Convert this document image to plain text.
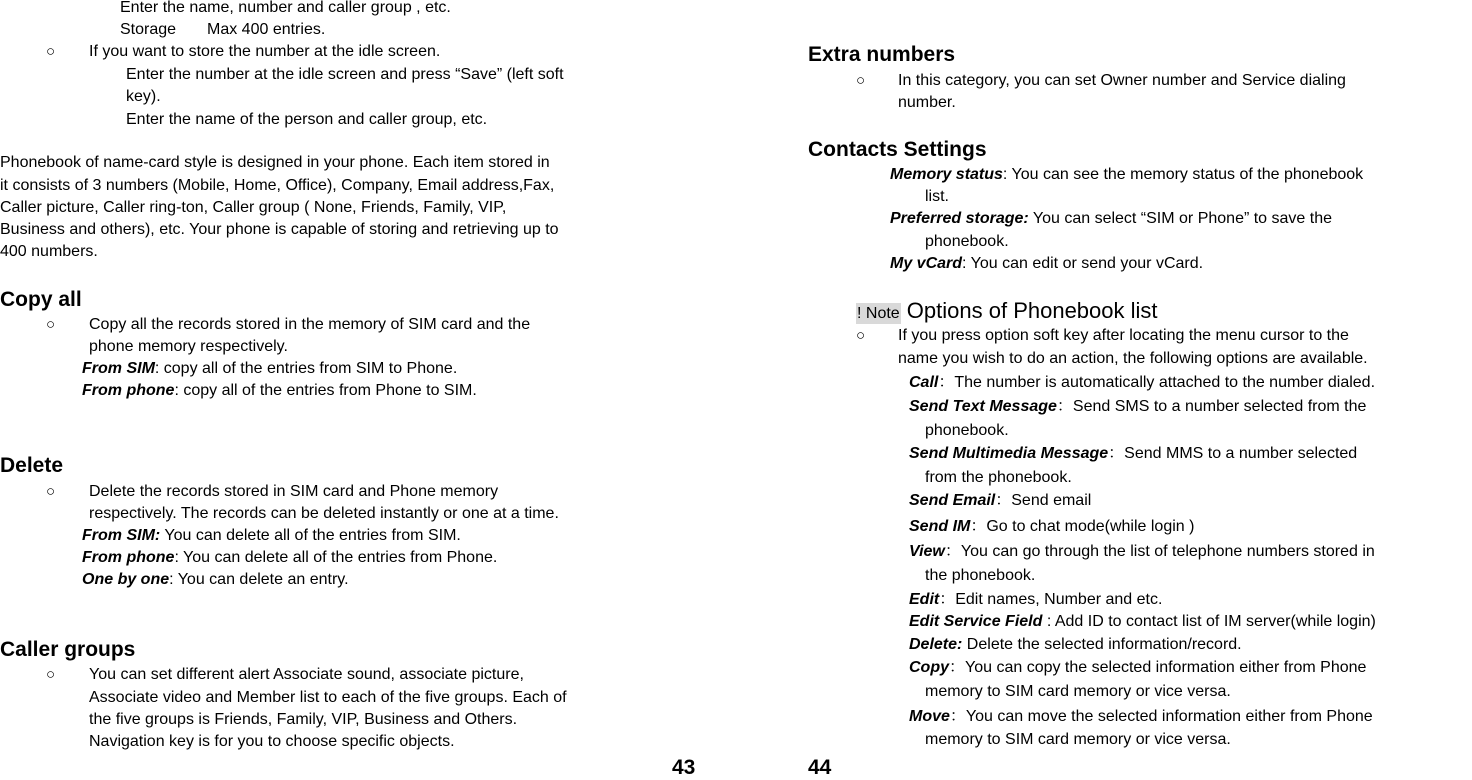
Enter the name, number and caller group , etc.
Storage Max 400 entries.
○ If you want to store the number at the idle screen.
Enter the number at the idle screen and press “Save” (left soft
key).
Enter the name of the person and caller group, etc.
Phonebook of name-card style is designed in your phone. Each item stored in
it consists of 3 numbers (Mobile, Home, Office), Company, Email address,Fax,
Caller picture, Caller ring-ton, Caller group ( None, Friends, Family, VIP,
Business and others), etc. Your phone is capable of storing and retrieving up to
400 numbers.
Copy all
○ Copy all the records stored in the memory of SIM card and the
phone memory respectively.
From SIM: copy all of the entries from SIM to Phone.
From phone: copy all of the entries from Phone to SIM.
Delete
○ Delete the records stored in SIM card and Phone memory
respectively. The records can be deleted instantly or one at a time.
From SIM: You can delete all of the entries from SIM.
From phone: You can delete all of the entries from Phone.
One by one: You can delete an entry.
Caller groups
○ You can set different alert Associate sound, associate picture,
Associate video and Member list to each of the five groups. Each of
the five groups is Friends, Family, VIP, Business and Others.
Navigation key is for you to choose specific objects.
43
Extra numbers
○ In this category, you can set Owner number and Service dialing
number.
Contacts Settings
Memory status: You can see the memory status of the phonebook
list.
Preferred storage: You can select “SIM or Phone” to save the
phonebook.
My vCard: You can edit or send your vCard.
! Note Options of Phonebook list
○ If you press option soft key after locating the menu cursor to the
name you wish to do an action, the following options are available.
Call：The number is automatically attached to the number dialed.
Send Text Message：Send SMS to a number selected from the
phonebook.
Send Multimedia Message：Send MMS to a number selected
from the phonebook.
Send Email：Send email
Send IM：Go to chat mode(while login )
View：You can go through the list of telephone numbers stored in
the phonebook.
Edit：Edit names, Number and etc.
Edit Service Field : Add ID to contact list of IM server(while login)
Delete: Delete the selected information/record.
Copy：You can copy the selected information either from Phone
memory to SIM card memory or vice versa.
Move：You can move the selected information either from Phone
memory to SIM card memory or vice versa.
44
